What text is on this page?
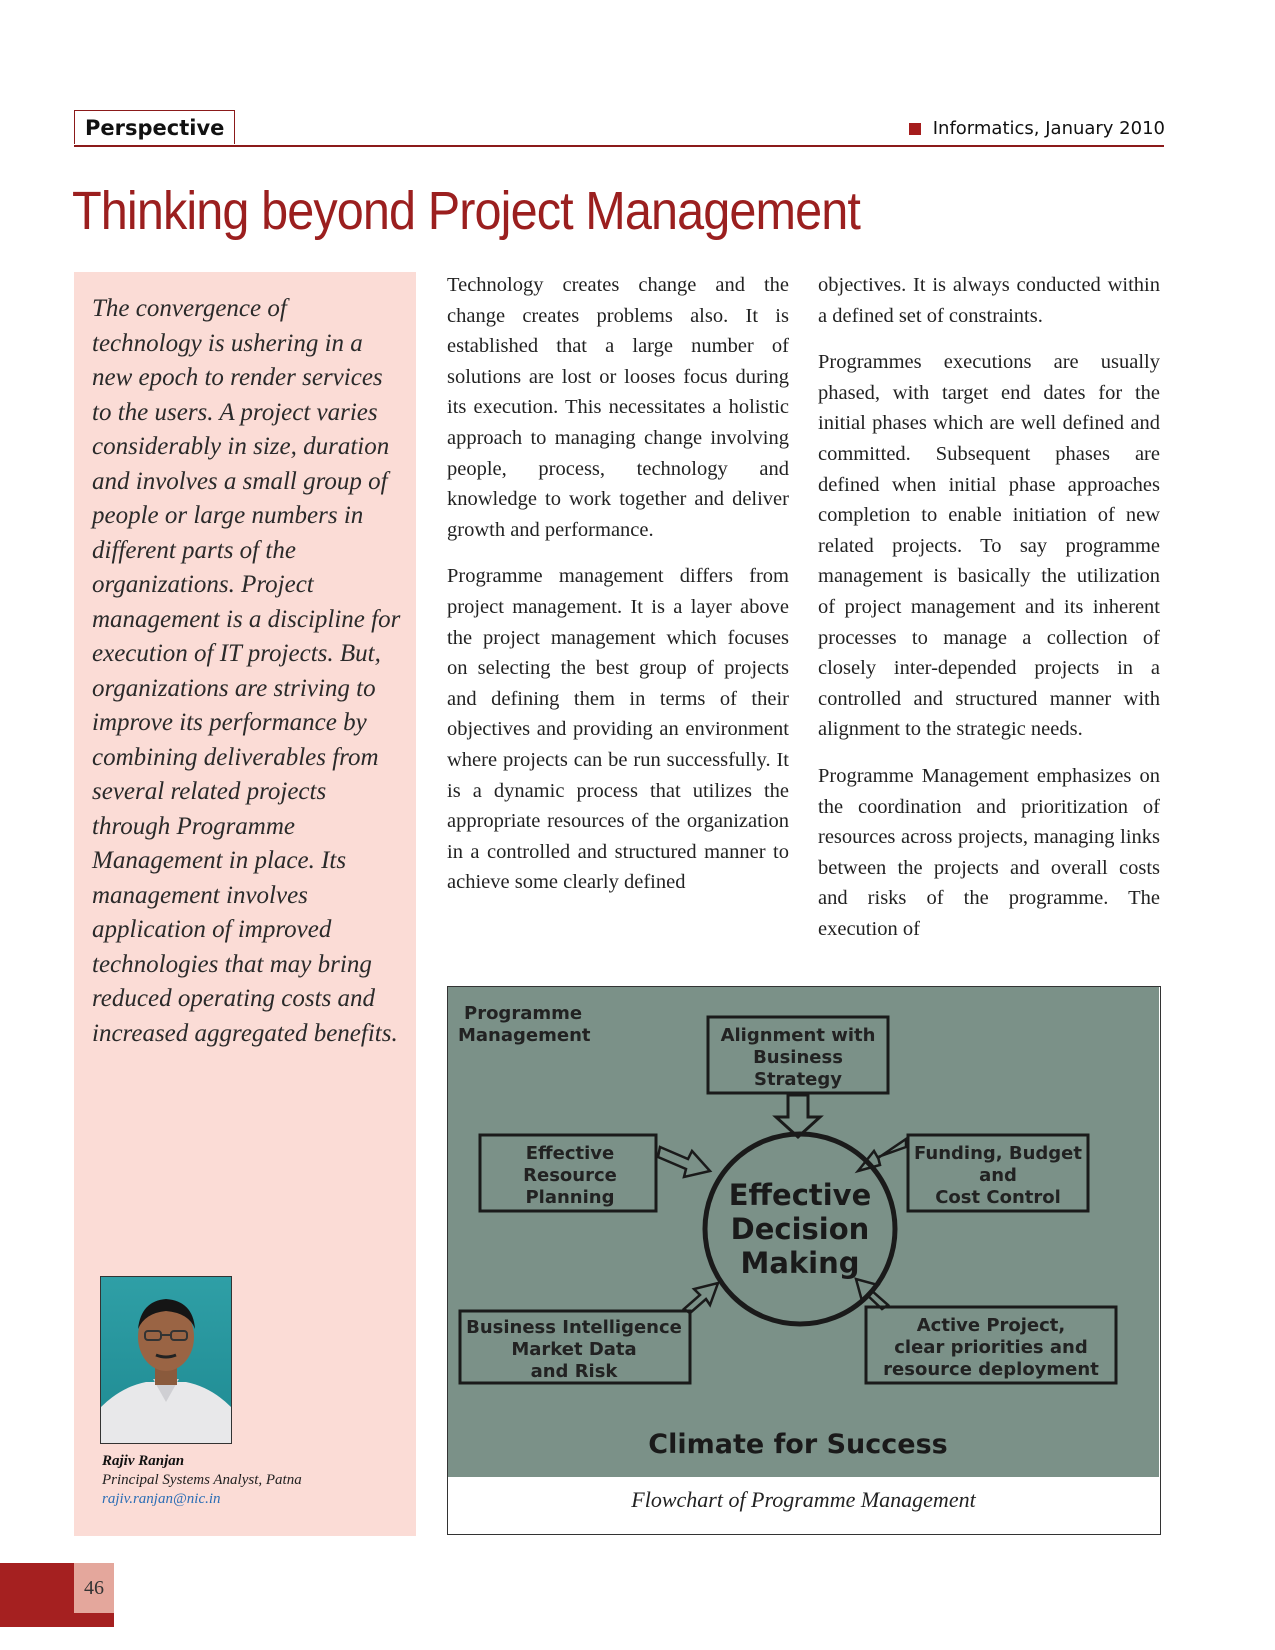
Perspective	Informatics, January 2010
Thinking beyond Project Management
The convergence of technology is ushering in a new epoch to render services to the users. A project varies considerably in size, duration and involves a small group of people or large numbers in different parts of the organizations. Project management is a discipline for execution of IT projects. But, organizations are striving to improve its performance by combining deliverables from several related projects through Programme Management in place. Its management involves application of improved technologies that may bring reduced operating costs and increased aggregated benefits.
Rajiv Ranjan
Principal Systems Analyst, Patna
rajiv.ranjan@nic.in

Technology creates change and the change creates problems also. It is established that a large number of solutions are lost or looses focus during its execution. This necessitates a holistic approach to managing change involving people, process, technology and knowledge to work together and deliver growth and performance.

Programme management differs from project management. It is a layer above the project management which focuses on selecting the best group of projects and defining them in terms of their objectives and providing an environment where projects can be run successfully. It is a dynamic process that utilizes the appropriate resources of the organization in a controlled and structured manner to achieve some clearly defined

objectives. It is always conducted within a defined set of constraints.

Programmes executions are usually phased, with target end dates for the initial phases which are well defined and committed. Subsequent phases are defined when initial phase approaches completion to enable initiation of new related projects. To say programme management is basically the utilization of project management and its inherent processes to manage a collection of closely inter-depended projects in a controlled and structured manner with alignment to the strategic needs.

Programme Management emphasizes on the coordination and prioritization of resources across projects, managing links between the projects and overall costs and risks of the programme. The execution of

Programme
Management
Effective
Decision
Making
Alignment with
Business
Strategy
Effective
Resource
Planning
Funding, Budget
and
Cost Control
Business Intelligence
Market Data
and Risk
Active Project,
clear priorities and
resource deployment
Climate for Success
Flowchart of Programme Management
46
